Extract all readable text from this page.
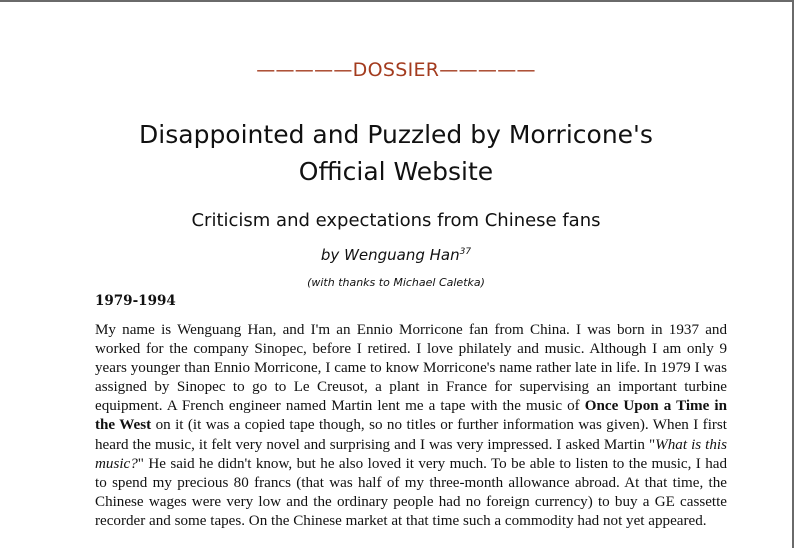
—————DOSSIER—————
Disappointed and Puzzled by Morricone's
Official Website
Criticism and expectations from Chinese fans
by Wenguang Han$^{37}$
(with thanks to Michael Caletka)
1979-1994

My name is Wenguang Han, and I'm an Ennio Morricone fan from China. I was born in 1937 and worked for the company Sinopec, before I retired. I love philately and music. Although I am only 9 years younger than Ennio Morricone, I came to know Morricone's name rather late in life. In 1979 I was assigned by Sinopec to go to Le Creusot, a plant in France for supervising an important turbine equipment. A French engineer named Martin lent me a tape with the music of Once Upon a Time in the West on it (it was a copied tape though, so no titles or further information was given). When I first heard the music, it felt very novel and surprising and I was very impressed. I asked Martin "What is this music?" He said he didn't know, but he also loved it very much. To be able to listen to the music, I had to spend my precious 80 francs (that was half of my three-month allowance abroad. At that time, the Chinese wages were very low and the ordinary people had no foreign currency) to buy a GE cassette recorder and some tapes. On the Chinese market at that time such a commodity had not yet appeared.
